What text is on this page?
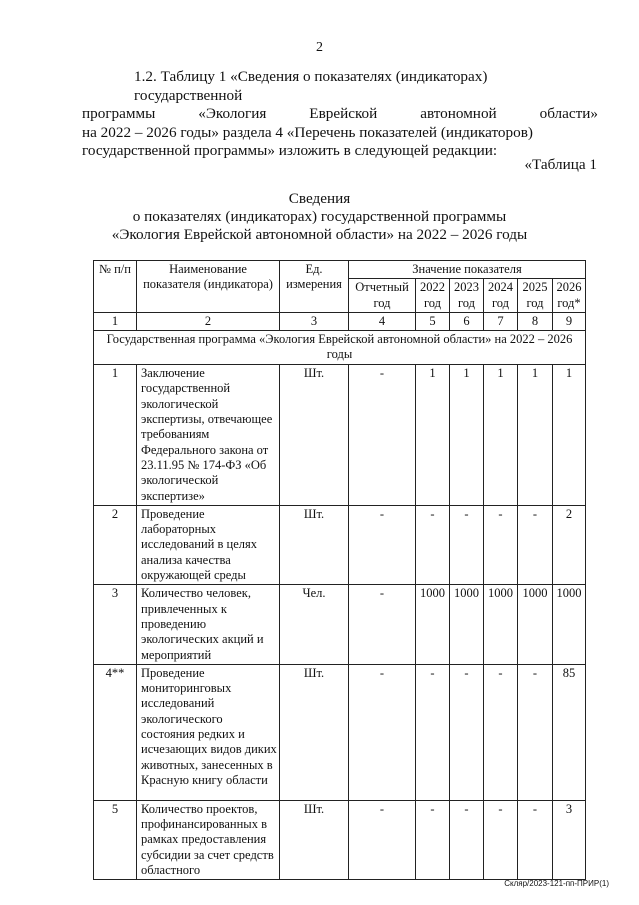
2
1.2. Таблицу 1 «Сведения о показателях (индикаторах) государственной
программы	«Экология	Еврейской	автономной	области»
на 2022 – 2026 годы» раздела 4 «Перечень показателей (индикаторов)
государственной программы» изложить в следующей редакции:
«Таблица 1
Сведения
о показателях (индикаторах) государственной программы
«Экология Еврейской автономной области» на 2022 – 2026 годы
№ п/п	Наименование показателя (индикатора)	Ед. измерения	Значение показателя					
			Отчетный год	2022 год	2023 год	2024 год	2025 год	2026 год*
1	2	3	4	5	6	7	8	9
Государственная программа «Экология Еврейской автономной области» на 2022 – 2026 годы								
1	Заключение государственной экологической экспертизы, отвечающее требованиям Федерального закона от 23.11.95 № 174-ФЗ «Об экологической экспертизе»	Шт.	-	1	1	1	1	1
2	Проведение лабораторных исследований в целях анализа качества окружающей среды	Шт.	-	-	-	-	-	2
3	Количество человек, привлеченных к проведению экологических акций и мероприятий	Чел.	-	1000	1000	1000	1000	1000
4**	Проведение мониторинговых исследований экологического состояния редких и исчезающих видов диких животных, занесенных в Красную книгу области	Шт.	-	-	-	-	-	85
5	Количество проектов, профинансированных в рамках предоставления субсидии за счет средств областного	Шт.	-	-	-	-	-	3
Скляр/2023-121-пп-ПРИР(1)
